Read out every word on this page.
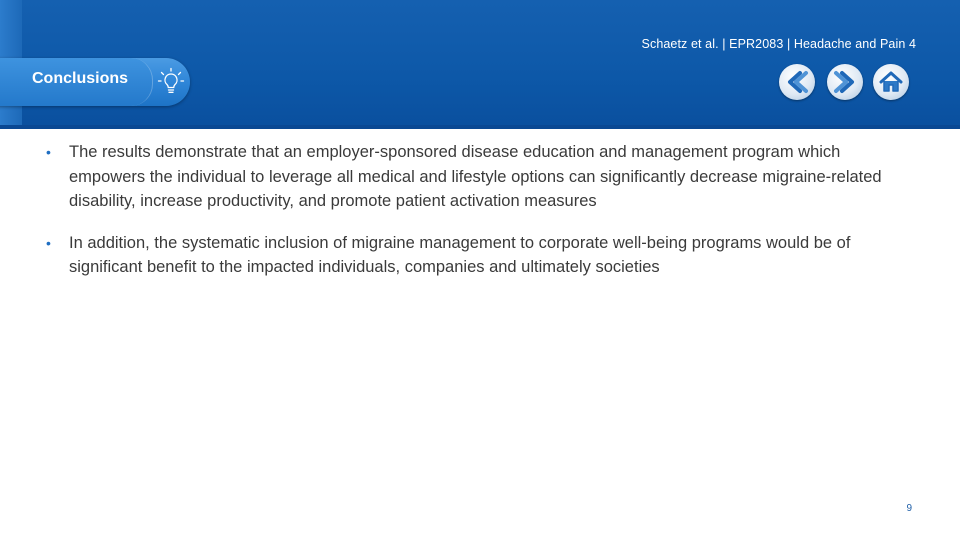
Schaetz et al. | EPR2083 | Headache and Pain 4
Conclusions

• The results demonstrate that an employer-sponsored disease education and management program which empowers the individual to leverage all medical and lifestyle options can significantly decrease migraine-related disability, increase productivity, and promote patient activation measures

• In addition, the systematic inclusion of migraine management to corporate well-being programs would be of significant benefit to the impacted individuals, companies and ultimately societies

9
